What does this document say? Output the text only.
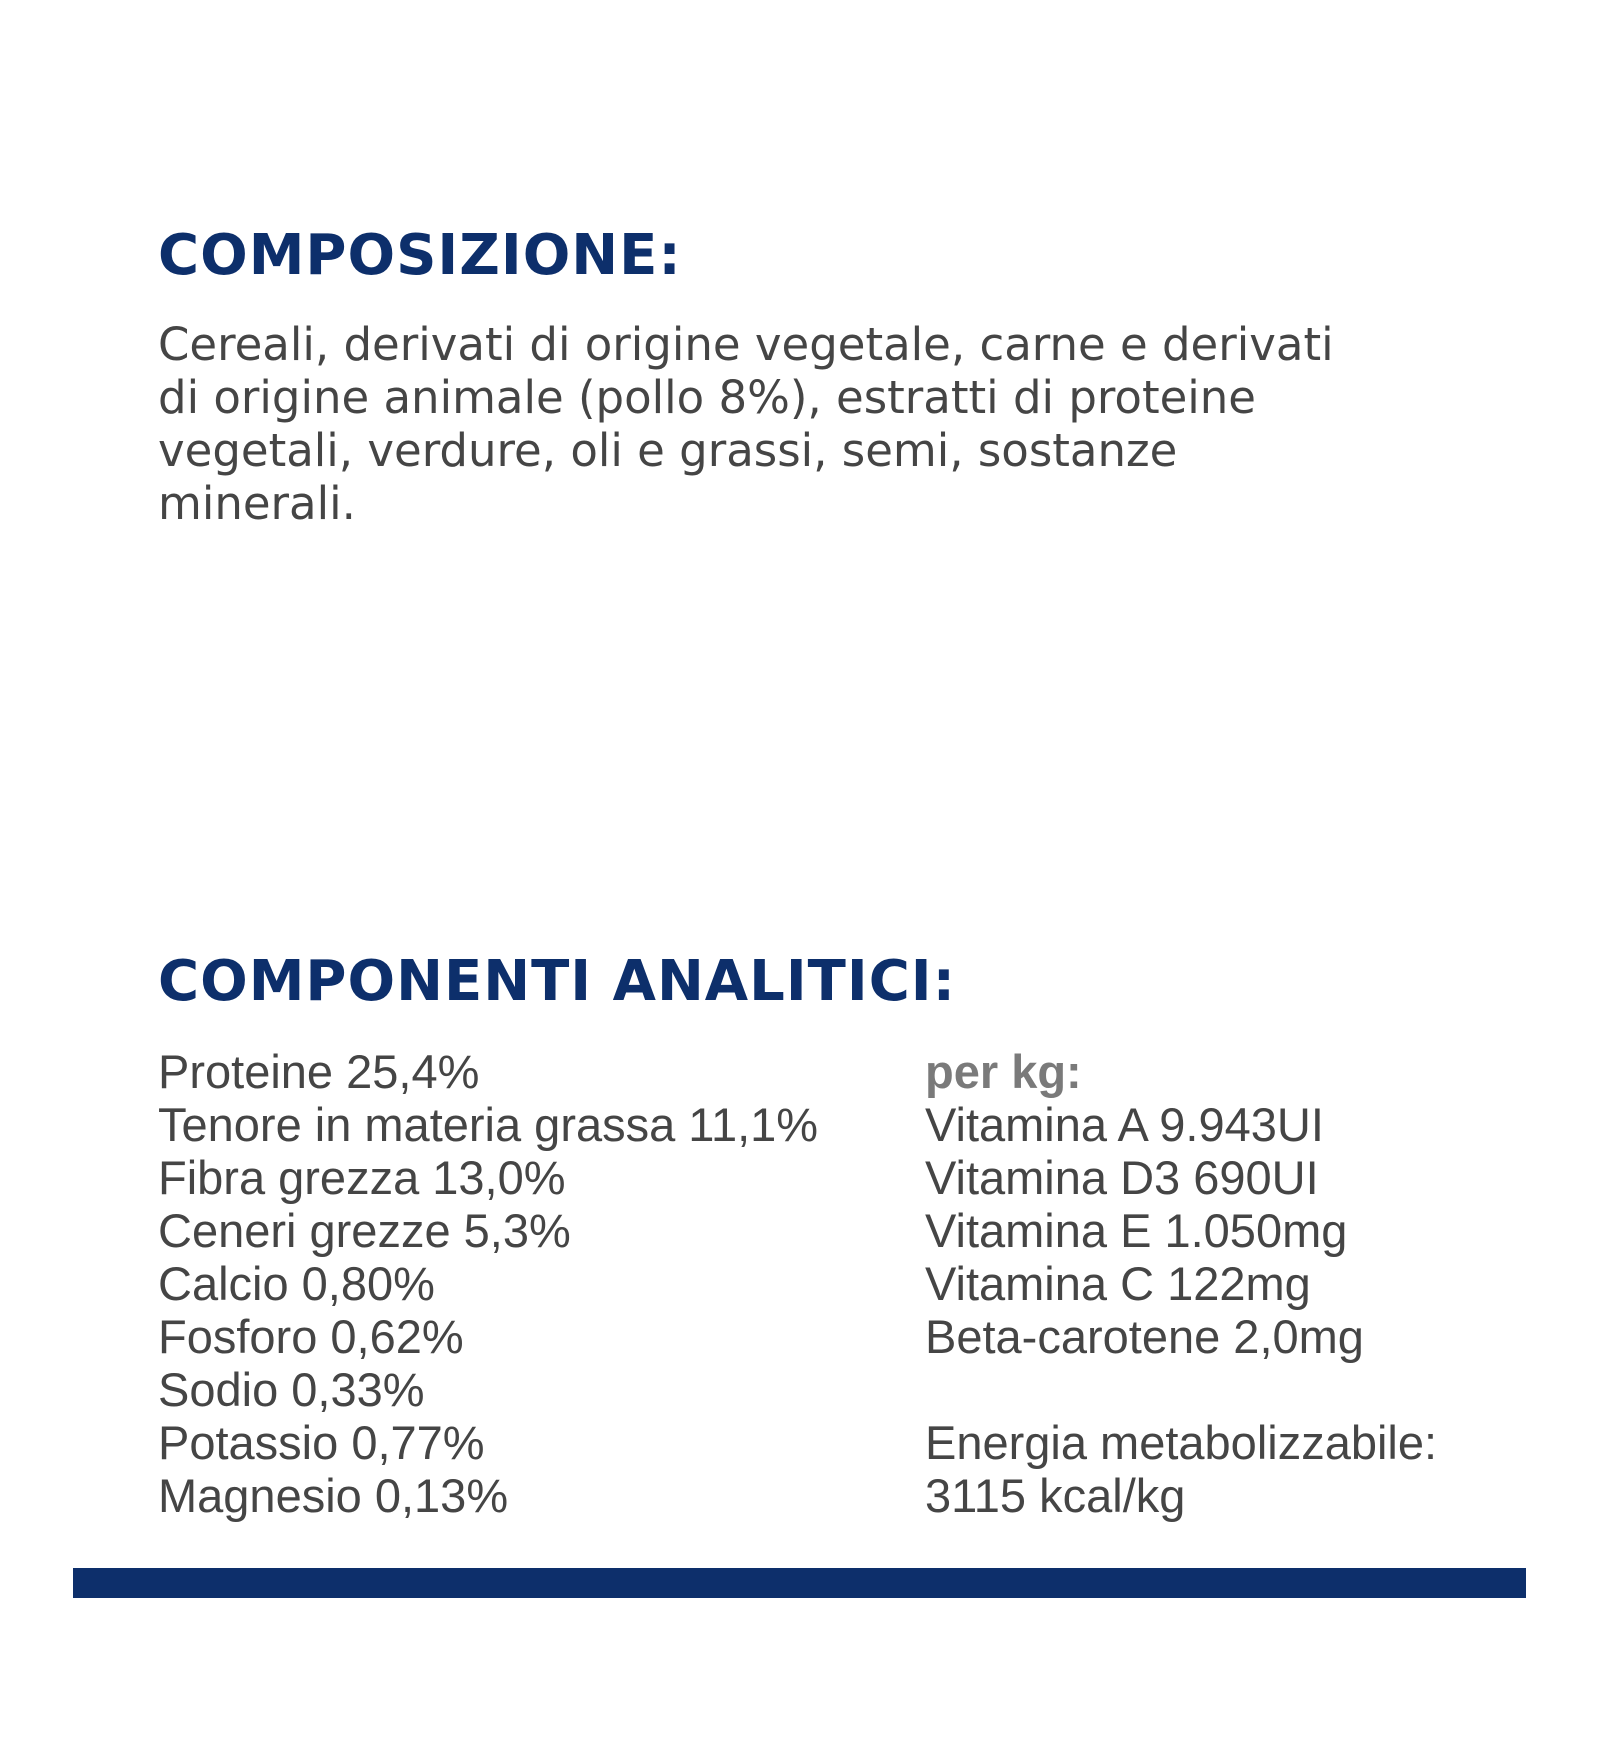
COMPOSIZIONE:

Cereali, derivati di origine vegetale, carne e derivati
di origine animale (pollo 8%), estratti di proteine
vegetali, verdure, oli e grassi, semi, sostanze
minerali.

COMPONENTI ANALITICI:
Proteine 25,4%
Tenore in materia grassa 11,1%
Fibra grezza 13,0%
Ceneri grezze 5,3%
Calcio 0,80%
Fosforo 0,62%
Sodio 0,33%
Potassio 0,77%
Magnesio 0,13%
per kg:
Vitamina A 9.943UI
Vitamina D3 690UI
Vitamina E 1.050mg
Vitamina C 122mg
Beta-carotene 2,0mg
Energia metabolizzabile:
3115 kcal/kg
